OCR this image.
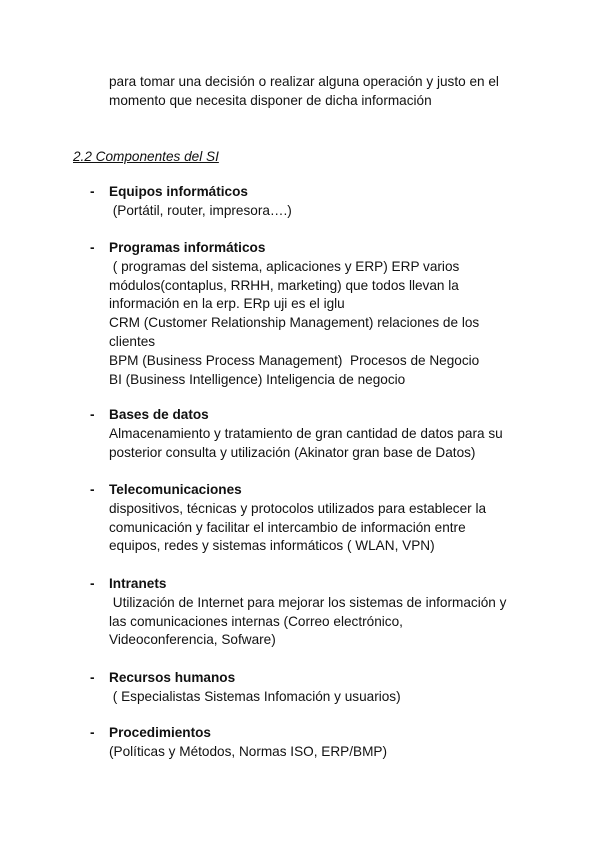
para tomar una decisión o realizar alguna operación y justo en el

momento que necesita disponer de dicha información

2.2 Componentes del SI
- Equipos informáticos

(Portátil, router, impresora….)

- Programas informáticos

( programas del sistema, aplicaciones y ERP) ERP varios

módulos(contaplus, RRHH, marketing) que todos llevan la

información en la erp. ERp uji es el iglu

CRM (Customer Relationship Management) relaciones de los

clientes

BPM (Business Process Management)  Procesos de Negocio

BI (Business Intelligence) Inteligencia de negocio

- Bases de datos

Almacenamiento y tratamiento de gran cantidad de datos para su

posterior consulta y utilización (Akinator gran base de Datos)

- Telecomunicaciones

dispositivos, técnicas y protocolos utilizados para establecer la

comunicación y facilitar el intercambio de información entre

equipos, redes y sistemas informáticos ( WLAN, VPN)

- Intranets

Utilización de Internet para mejorar los sistemas de información y

las comunicaciones internas (Correo electrónico,

Videoconferencia, Sofware)

- Recursos humanos

( Especialistas Sistemas Infomación y usuarios)

- Procedimientos

(Políticas y Métodos, Normas ISO, ERP/BMP)
